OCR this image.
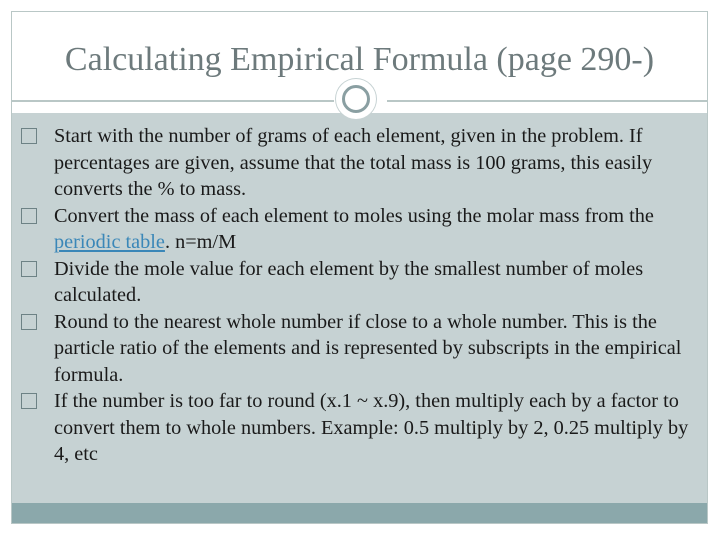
Calculating Empirical Formula (page 290-)
Start with the number of grams of each element, given in the problem. If percentages are given, assume that the total mass is 100 grams, this easily converts the % to mass.
Convert the mass of each element to moles using the molar mass from the periodic table. n=m/M
Divide the mole value for each element by the smallest number of moles calculated.
Round to the nearest whole number if close to a whole number. This is the particle ratio of the elements and is represented by subscripts in the empirical formula.
If the number is too far to round (x.1 ~ x.9), then multiply each by a factor to convert them to whole numbers. Example: 0.5 multiply by 2, 0.25 multiply by 4, etc
